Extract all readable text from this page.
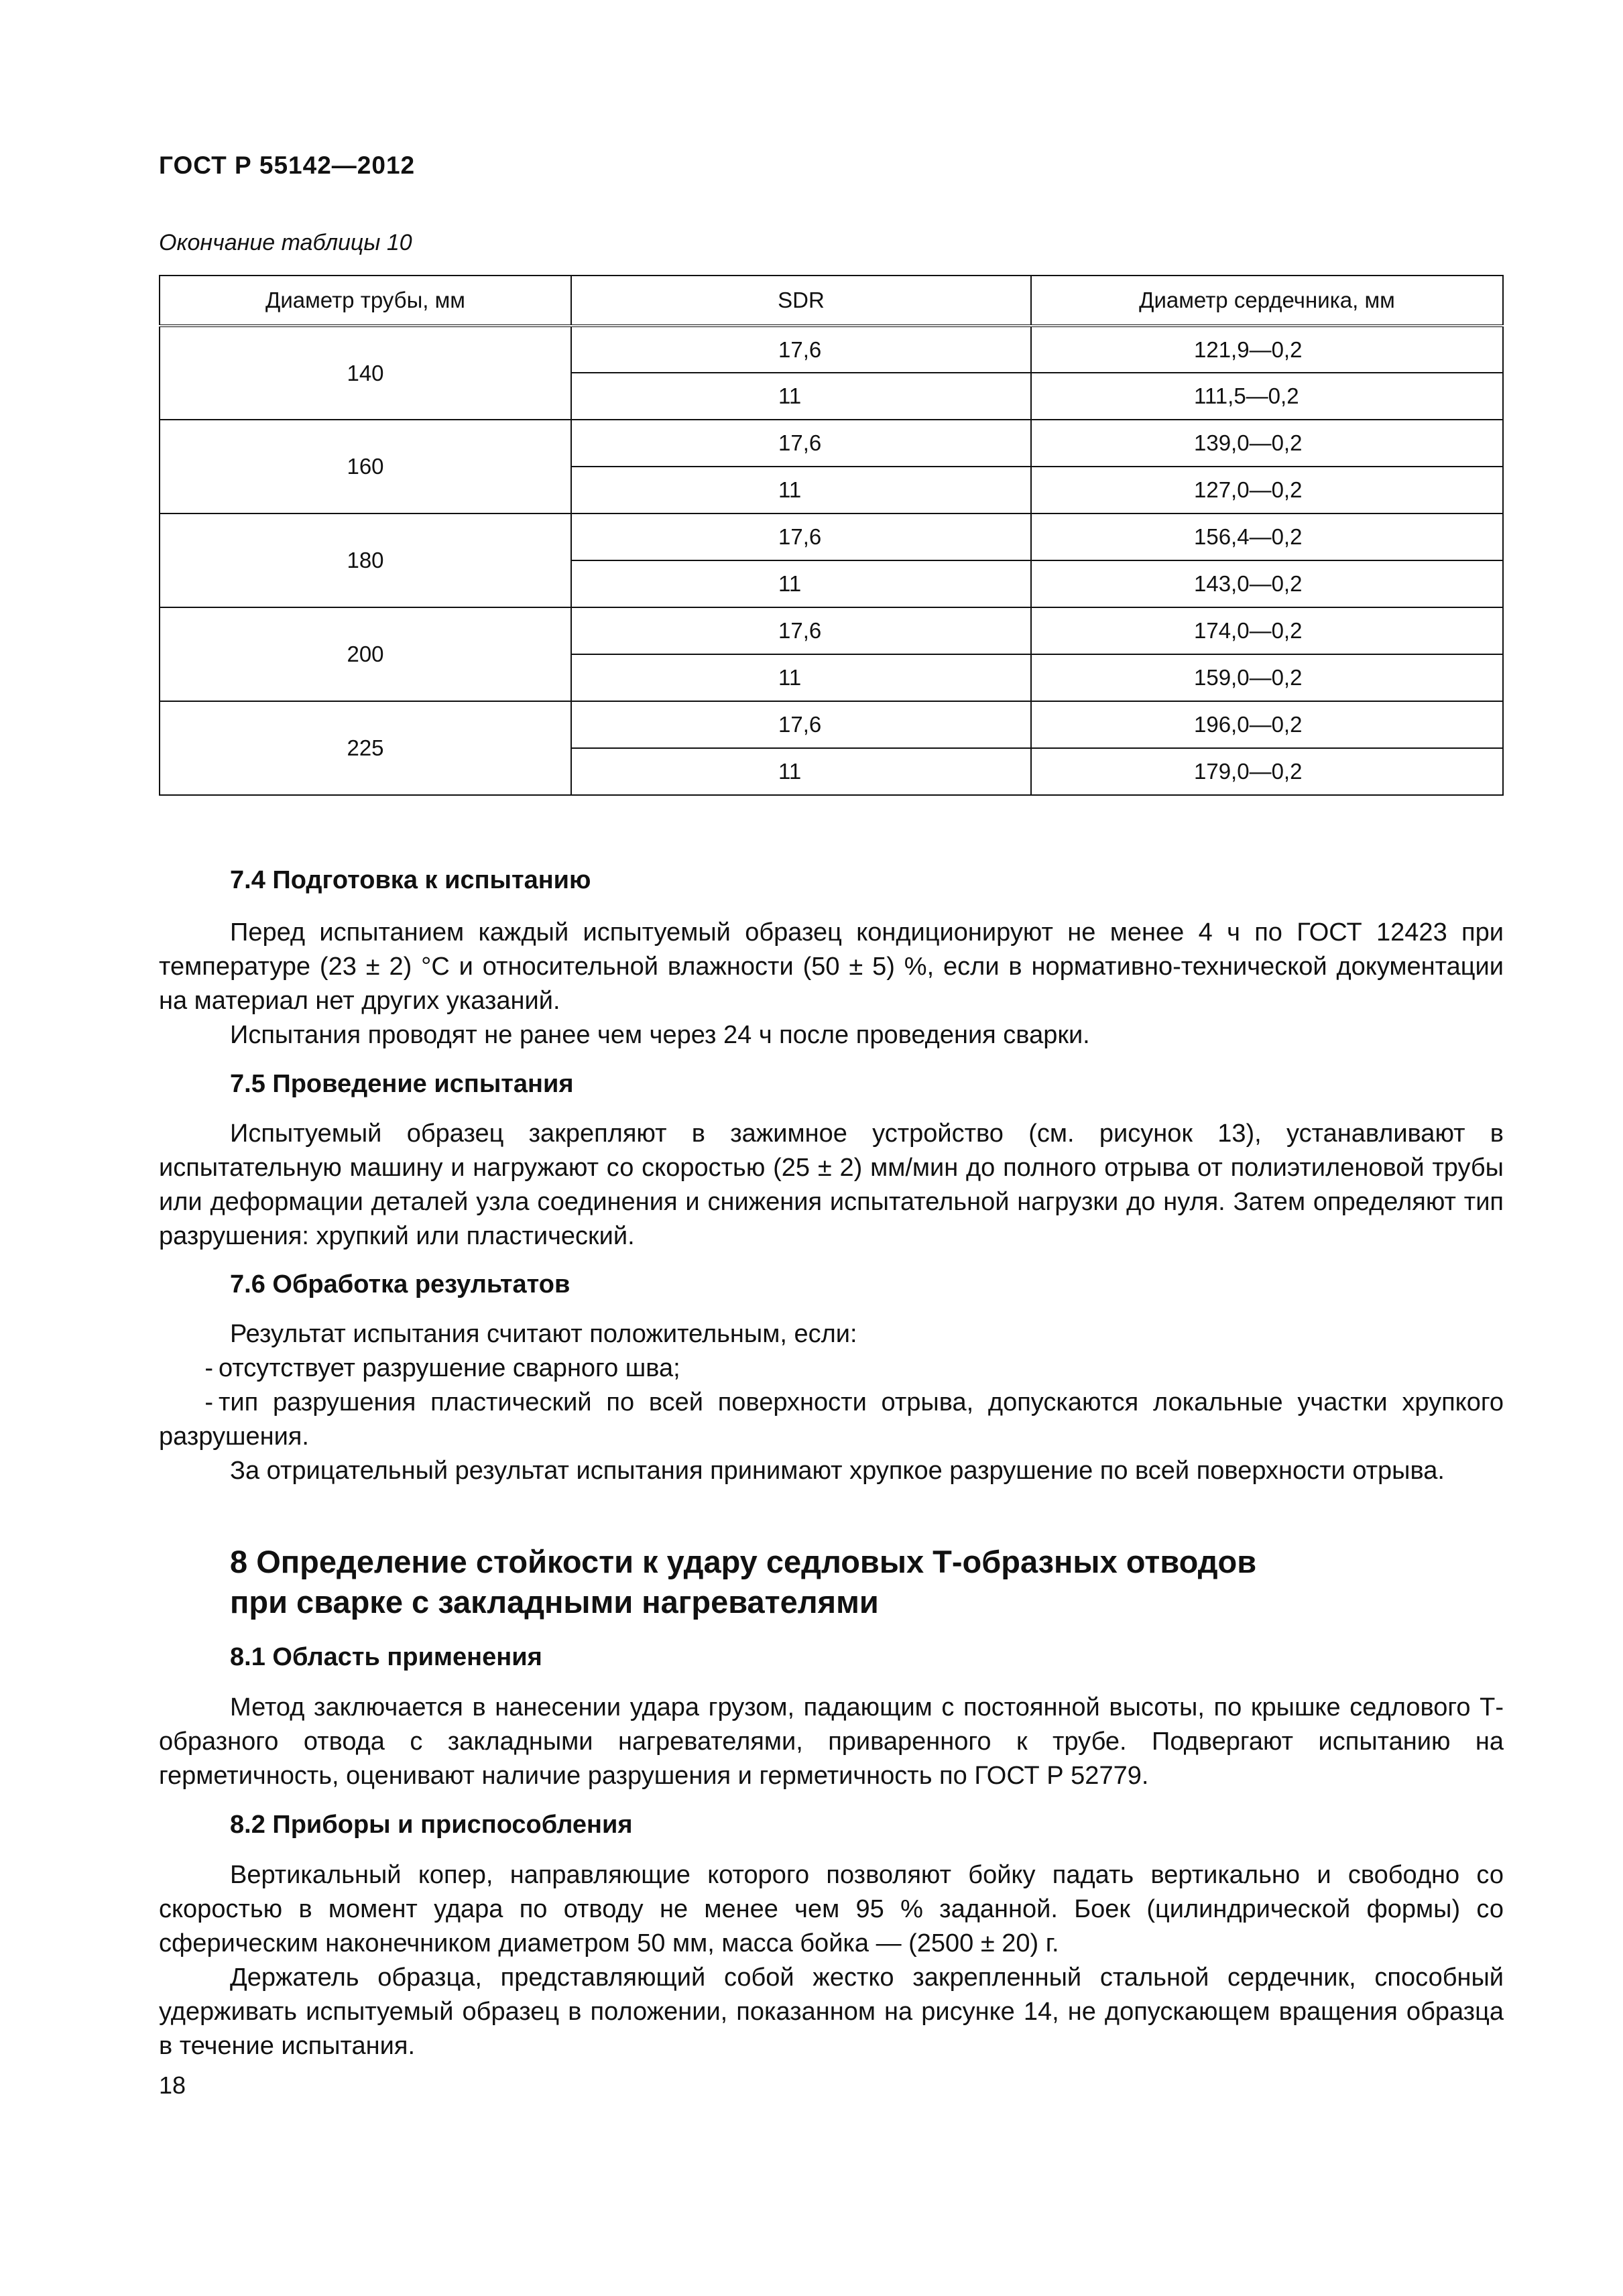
ГОСТ Р 55142—2012
Окончание таблицы 10
Диаметр трубы, мм	SDR	Диаметр сердечника, мм
140	17,6	121,9—0,2
	11	111,5—0,2
160	17,6	139,0—0,2
	11	127,0—0,2
180	17,6	156,4—0,2
	11	143,0—0,2
200	17,6	174,0—0,2
	11	159,0—0,2
225	17,6	196,0—0,2
	11	179,0—0,2
7.4 Подготовка к испытанию

Перед испытанием каждый испытуемый образец кондиционируют не менее 4 ч по ГОСТ 12423 при температуре (23 ± 2) °С и относительной влажности (50 ± 5) %, если в нормативно-технической документации на материал нет других указаний.

Испытания проводят не ранее чем через 24 ч после проведения сварки.

7.5 Проведение испытания

Испытуемый образец закрепляют в зажимное устройство (см. рисунок 13), устанавливают в испытательную машину и нагружают со скоростью (25 ± 2) мм/мин до полного отрыва от полиэтиленовой трубы или деформации деталей узла соединения и снижения испытательной нагрузки до нуля. Затем определяют тип разрушения: хрупкий или пластический.

7.6 Обработка результатов

Результат испытания считают положительным, если:

- отсутствует разрушение сварного шва;

- тип разрушения пластический по всей поверхности отрыва, допускаются локальные участки хрупкого разрушения.

За отрицательный результат испытания принимают хрупкое разрушение по всей поверхности отрыва.

8 Определение стойкости к удару седловых Т-образных отводов
при сварке с закладными нагревателями
8.1 Область применения

Метод заключается в нанесении удара грузом, падающим с постоянной высоты, по крышке седлового Т-образного отвода с закладными нагревателями, приваренного к трубе. Подвергают испытанию на герметичность, оценивают наличие разрушения и герметичность по ГОСТ Р 52779.

8.2 Приборы и приспособления

Вертикальный копер, направляющие которого позволяют бойку падать вертикально и свободно со скоростью в момент удара по отводу не менее чем 95 % заданной. Боек (цилиндрической формы) со сферическим наконечником диаметром 50 мм, масса бойка — (2500 ± 20) г.

Держатель образца, представляющий собой жестко закрепленный стальной сердечник, способный удерживать испытуемый образец в положении, показанном на рисунке 14, не допускающем вращения образца в течение испытания.

18
